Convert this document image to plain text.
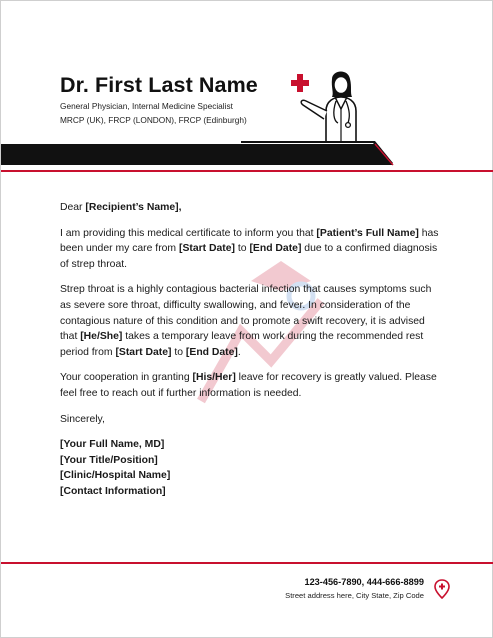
Dr. First Last Name
General Physician, Internal Medicine Specialist
MRCP (UK), FRCP (LONDON), FRCP (Edinburgh)

Dear [Recipient’s Name],

I am providing this medical certificate to inform you that [Patient’s Full Name] has been under my care from [Start Date] to [End Date] due to a confirmed diagnosis of strep throat.

Strep throat is a highly contagious bacterial infection that causes symptoms such as severe sore throat, difficulty swallowing, and fever. In consideration of the contagious nature of this condition and to promote a swift recovery, it is advised that [He/She] takes a temporary leave from work during the recommended rest period from [Start Date] to [End Date].

Your cooperation in granting [His/Her] leave for recovery is greatly valued. Please feel free to reach out if further information is needed.

Sincerely,

[Your Full Name, MD]
[Your Title/Position]
[Clinic/Hospital Name]
[Contact Information]
123-456-7890, 444-666-8899
Street address here, City State, Zip Code
